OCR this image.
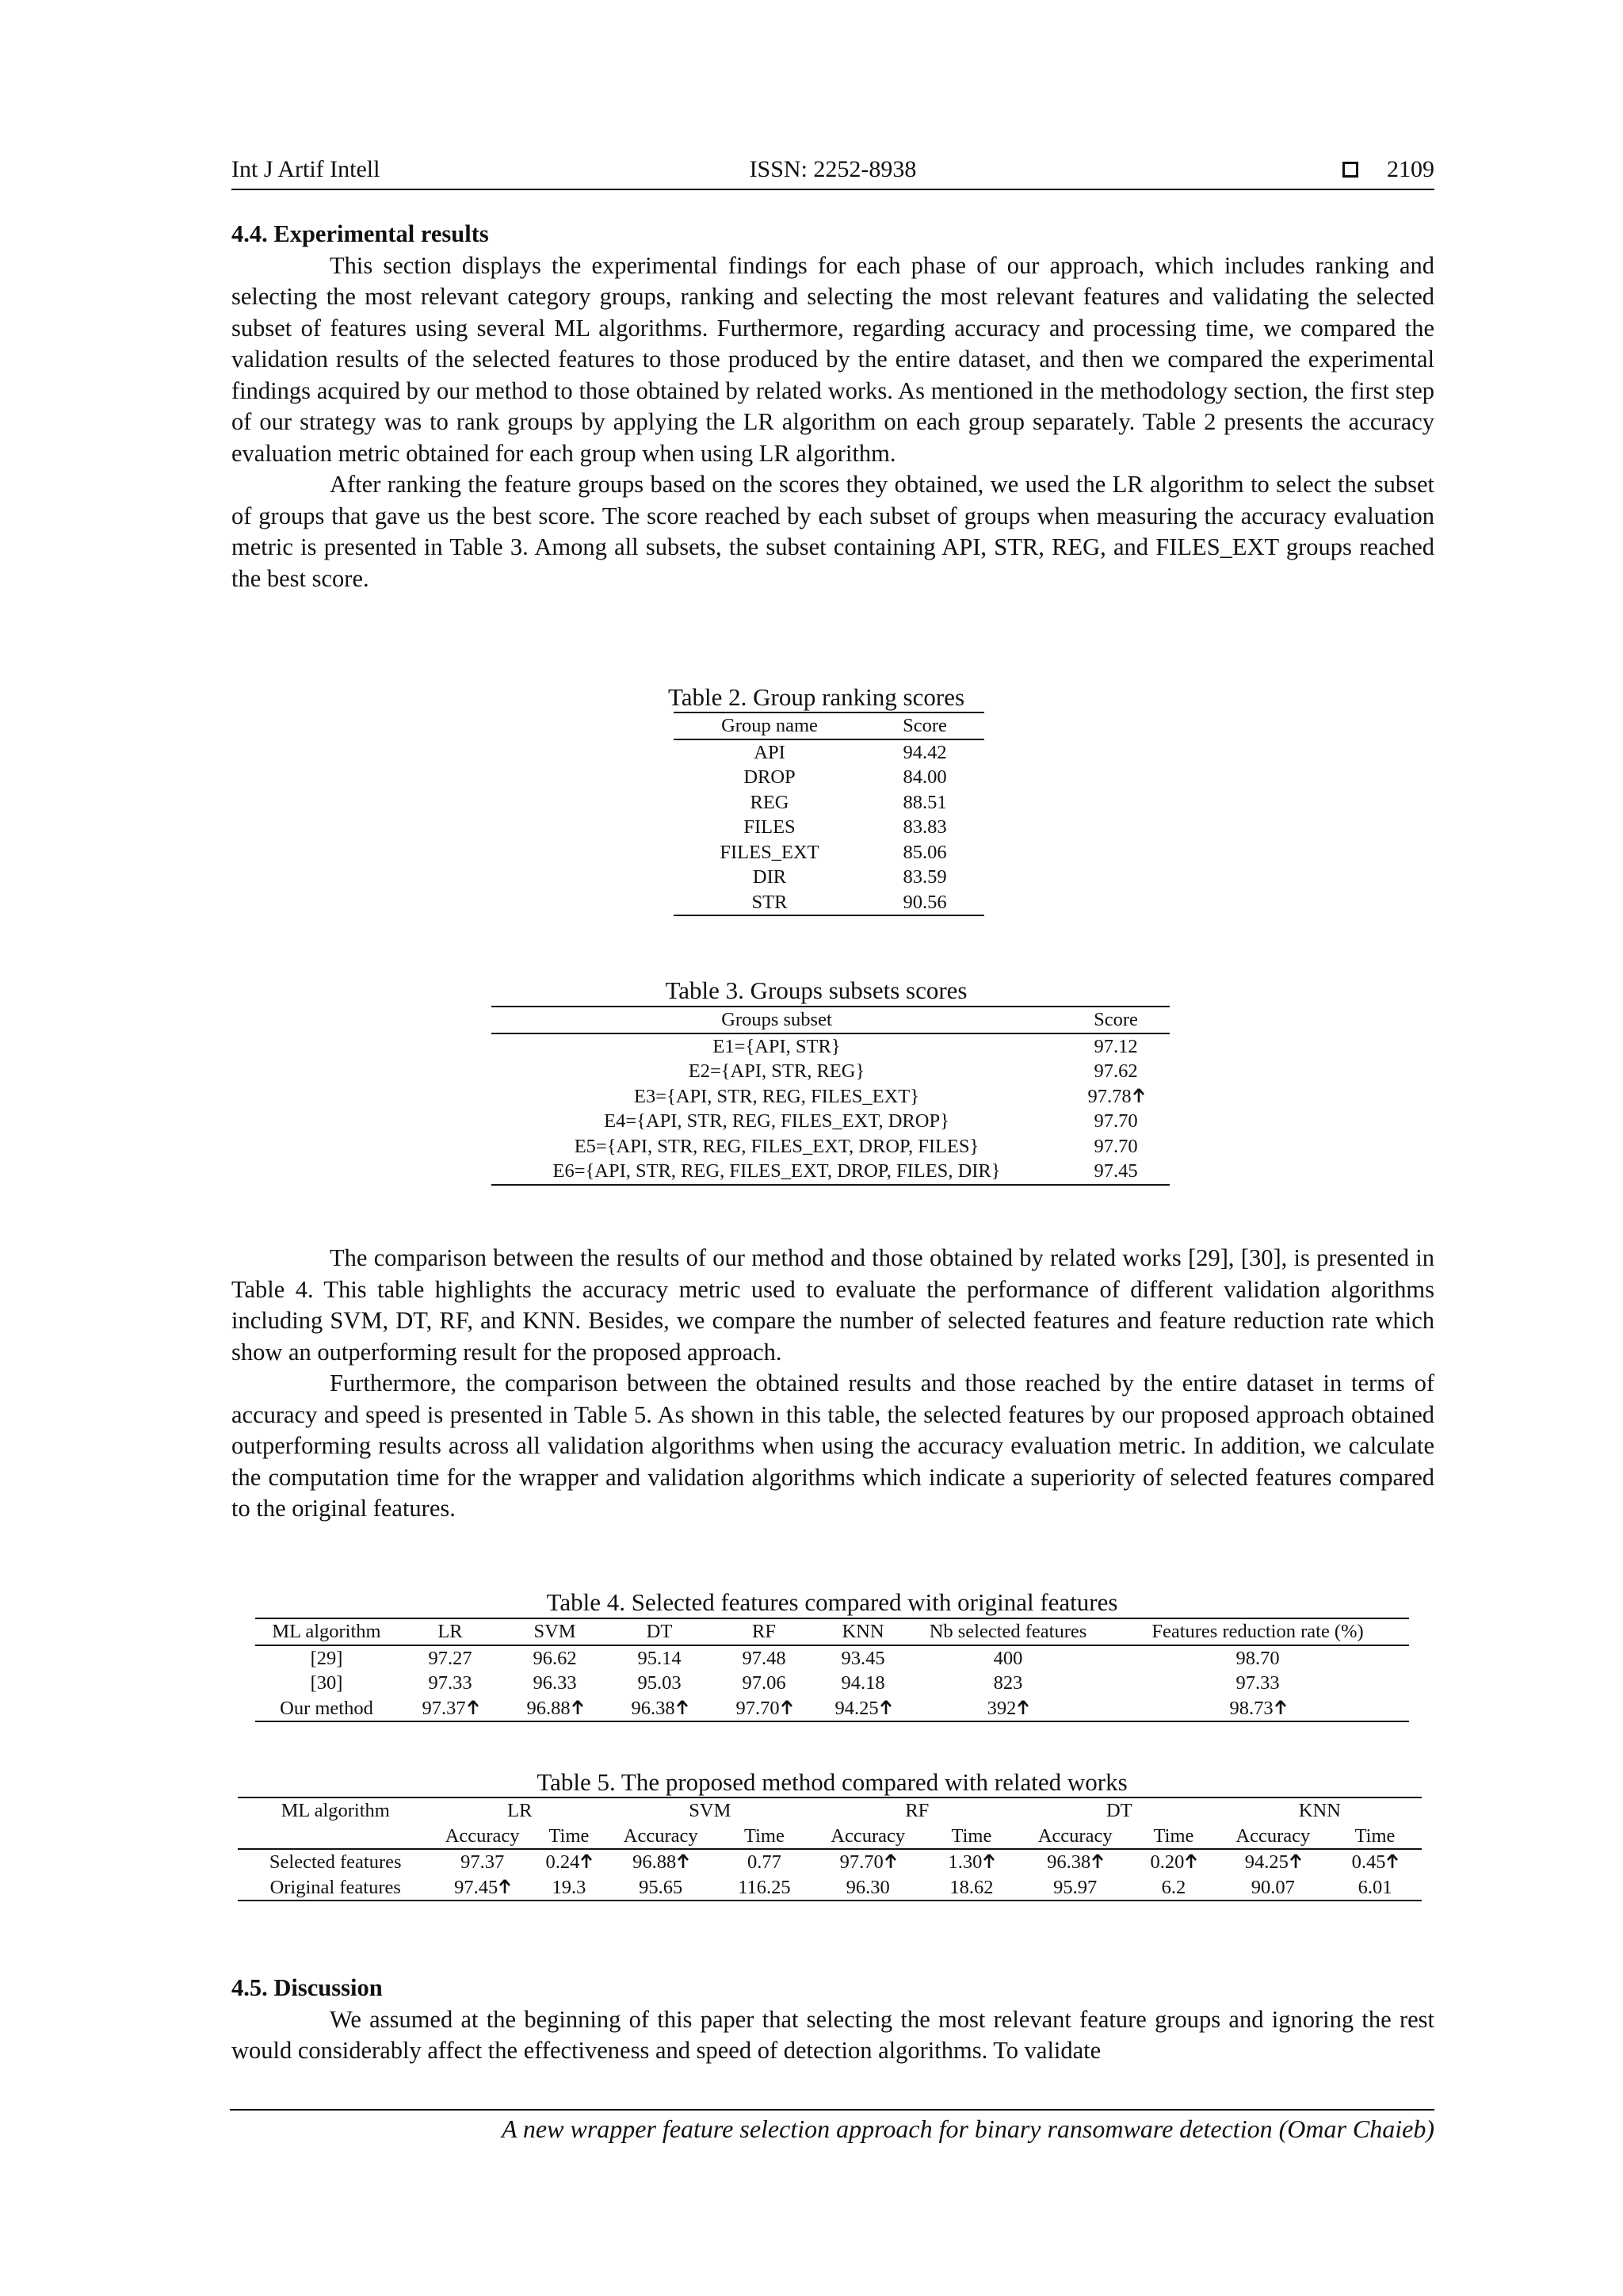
Int J Artif Intell	ISSN: 2252-8938	2109
4.4. Experimental results

This section displays the experimental findings for each phase of our approach, which includes ranking and selecting the most relevant category groups, ranking and selecting the most relevant features and validating the selected subset of features using several ML algorithms. Furthermore, regarding accuracy and processing time, we compared the validation results of the selected features to those produced by the entire dataset, and then we compared the experimental findings acquired by our method to those obtained by related works. As mentioned in the methodology section, the first step of our strategy was to rank groups by applying the LR algorithm on each group separately. Table 2 presents the accuracy evaluation metric obtained for each group when using LR algorithm.

After ranking the feature groups based on the scores they obtained, we used the LR algorithm to select the subset of groups that gave us the best score. The score reached by each subset of groups when measuring the accuracy evaluation metric is presented in Table 3. Among all subsets, the subset containing API, STR, REG, and FILES_EXT groups reached the best score.

Table 2. Group ranking scores
Group name	Score
API	94.42
DROP	84.00
REG	88.51
FILES	83.83
FILES_EXT	85.06
DIR	83.59
STR	90.56
Table 3. Groups subsets scores
Groups subset	Score
E1={API, STR}	97.12
E2={API, STR, REG}	97.62
E3={API, STR, REG, FILES_EXT}	97.78
E4={API, STR, REG, FILES_EXT, DROP}	97.70
E5={API, STR, REG, FILES_EXT, DROP, FILES}	97.70
E6={API, STR, REG, FILES_EXT, DROP, FILES, DIR}	97.45

The comparison between the results of our method and those obtained by related works [29], [30], is presented in Table 4. This table highlights the accuracy metric used to evaluate the performance of different validation algorithms including SVM, DT, RF, and KNN. Besides, we compare the number of selected features and feature reduction rate which show an outperforming result for the proposed approach.

Furthermore, the comparison between the obtained results and those reached by the entire dataset in terms of accuracy and speed is presented in Table 5. As shown in this table, the selected features by our proposed approach obtained outperforming results across all validation algorithms when using the accuracy evaluation metric. In addition, we calculate the computation time for the wrapper and validation algorithms which indicate a superiority of selected features compared to the original features.

Table 4. Selected features compared with original features
ML algorithm	LR	SVM	DT	RF	KNN	Nb selected features	Features reduction rate (%)
[29]	97.27	96.62	95.14	97.48	93.45	400	98.70
[30]	97.33	96.33	95.03	97.06	94.18	823	97.33
Our method	97.37	96.88	96.38	97.70	94.25	392	98.73
Table 5. The proposed method compared with related works
ML algorithm	LR		SVM		RF		DT		KNN	
	Accuracy	Time	Accuracy	Time	Accuracy	Time	Accuracy	Time	Accuracy	Time
Selected features	97.37	0.24	96.88	0.77	97.70	1.30	96.38	0.20	94.25	0.45
Original features	97.45	19.3	95.65	116.25	96.30	18.62	95.97	6.2	90.07	6.01
4.5. Discussion

We assumed at the beginning of this paper that selecting the most relevant feature groups and ignoring the rest would considerably affect the effectiveness and speed of detection algorithms. To validate

A new wrapper feature selection approach for binary ransomware detection (Omar Chaieb)
